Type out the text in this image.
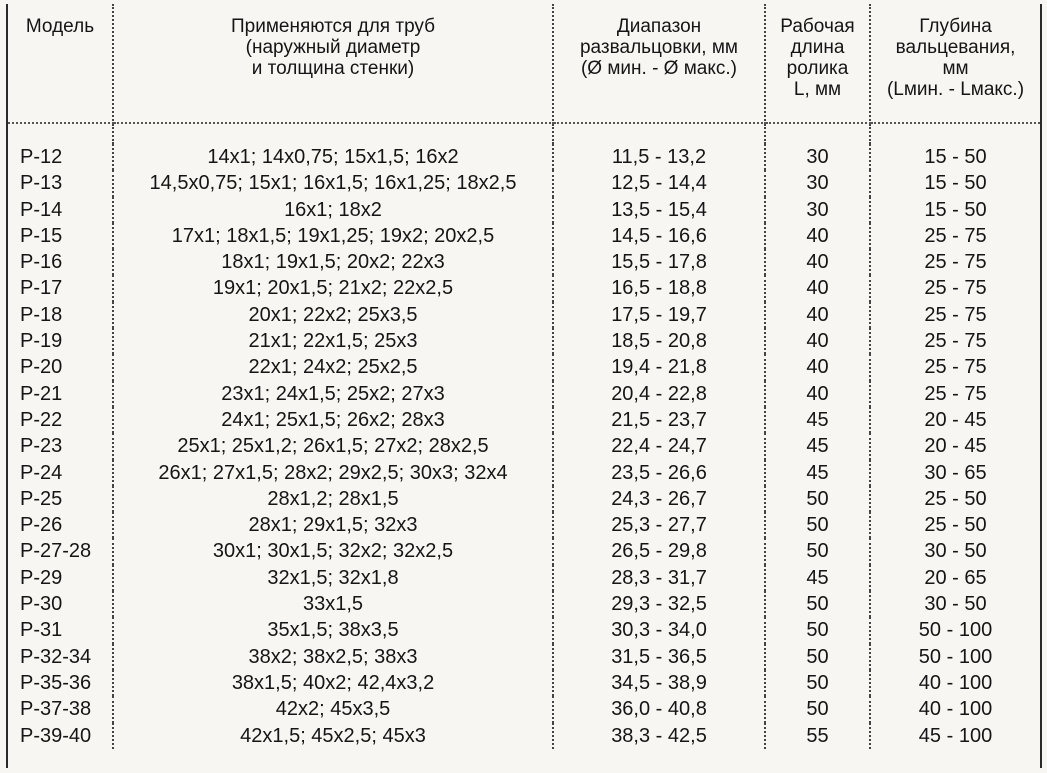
Модель	Применяются для труб
(наружный диаметр
и толщина стенки)	Диапазон
развальцовки, мм
(Ø мин. - Ø макс.)	Рабочая
длина
ролика
L, мм	Глубина
вальцевания,
мм
(Lмин. - Lмакс.)

P-12	14x1; 14x0,75; 15x1,5; 16x2	11,5 - 13,2	30	15 - 50
P-13	14,5x0,75; 15x1; 16x1,5; 16x1,25; 18x2,5	12,5 - 14,4	30	15 - 50
P-14	16x1; 18x2	13,5 - 15,4	30	15 - 50
P-15	17x1; 18x1,5; 19x1,25; 19x2; 20x2,5	14,5 - 16,6	40	25 - 75
P-16	18x1; 19x1,5; 20x2; 22x3	15,5 - 17,8	40	25 - 75
P-17	19x1; 20x1,5; 21x2; 22x2,5	16,5 - 18,8	40	25 - 75
P-18	20x1; 22x2; 25x3,5	17,5 - 19,7	40	25 - 75
P-19	21x1; 22x1,5; 25x3	18,5 - 20,8	40	25 - 75
P-20	22x1; 24x2; 25x2,5	19,4 - 21,8	40	25 - 75
P-21	23x1; 24x1,5; 25x2; 27x3	20,4 - 22,8	40	25 - 75
P-22	24x1; 25x1,5; 26x2; 28x3	21,5 - 23,7	45	20 - 45
P-23	25x1; 25x1,2; 26x1,5; 27x2; 28x2,5	22,4 - 24,7	45	20 - 45
P-24	26x1; 27x1,5; 28x2; 29x2,5; 30x3; 32x4	23,5 - 26,6	45	30 - 65
P-25	28x1,2; 28x1,5	24,3 - 26,7	50	25 - 50
P-26	28x1; 29x1,5; 32x3	25,3 - 27,7	50	25 - 50
P-27-28	30x1; 30x1,5; 32x2; 32x2,5	26,5 - 29,8	50	30 - 50
P-29	32x1,5; 32x1,8	28,3 - 31,7	45	20 - 65
P-30	33x1,5	29,3 - 32,5	50	30 - 50
P-31	35x1,5; 38x3,5	30,3 - 34,0	50	50 - 100
P-32-34	38x2; 38x2,5; 38x3	31,5 - 36,5	50	50 - 100
P-35-36	38x1,5; 40x2; 42,4x3,2	34,5 - 38,9	50	40 - 100
P-37-38	42x2; 45x3,5	36,0 - 40,8	50	40 - 100
P-39-40	42x1,5; 45x2,5; 45x3	38,3 - 42,5	55	45 - 100
